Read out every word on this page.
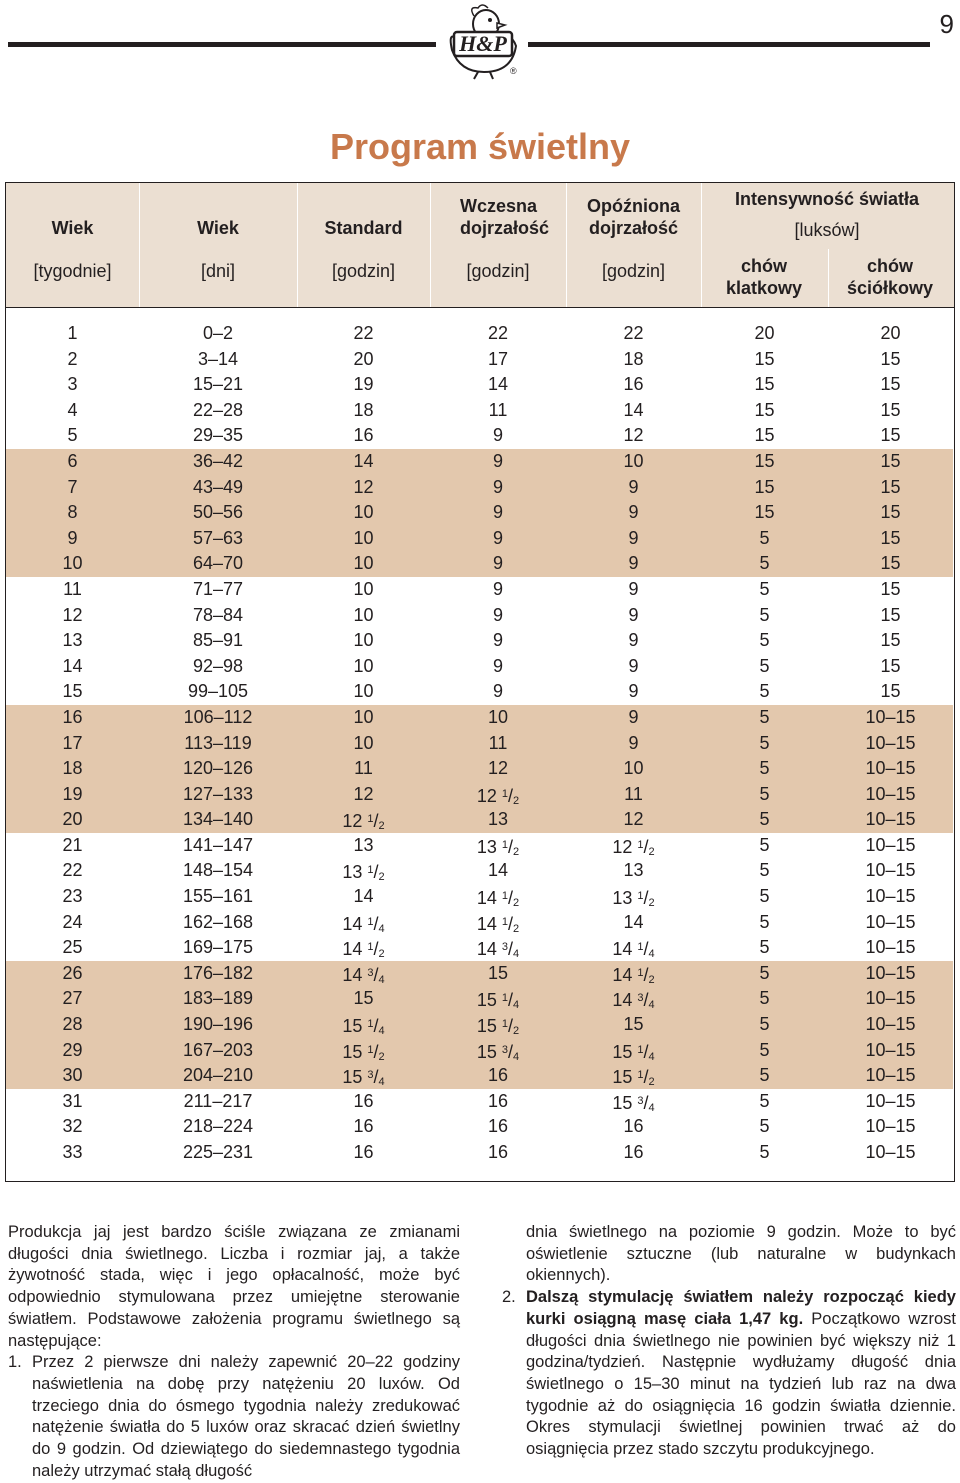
9
H&P
®
Program świetlny
Wiek
[tygodnie]
Wiek
[dni]
Standard
[godzin]
Wczesna dojrzałość
[godzin]
Opóźniona dojrzałość
[godzin]
Intensywność światła
[luksów]
chów klatkowy
chów ściółkowy
1	0–2	22	22	22	20	20
2	3–14	20	17	18	15	15
3	15–21	19	14	16	15	15
4	22–28	18	11	14	15	15
5	29–35	16	9	12	15	15
6	36–42	14	9	10	15	15
7	43–49	12	9	9	15	15
8	50–56	10	9	9	15	15
9	57–63	10	9	9	5	15
10	64–70	10	9	9	5	15
11	71–77	10	9	9	5	15
12	78–84	10	9	9	5	15
13	85–91	10	9	9	5	15
14	92–98	10	9	9	5	15
15	99–105	10	9	9	5	15
16	106–112	10	10	9	5	10–15
17	113–119	10	11	9	5	10–15
18	120–126	11	12	10	5	10–15
19	127–133	12	12 $^1$/2	11	5	10–15
20	134–140	12 $^1$/2	13	12	5	10–15
21	141–147	13	13 $^1$/2	12 $^1$/2	5	10–15
22	148–154	13 $^1$/2	14	13	5	10–15
23	155–161	14	14 $^1$/2	13 $^1$/2	5	10–15
24	162–168	14 $^1$/4	14 $^1$/2	14	5	10–15
25	169–175	14 $^1$/2	14 $^3$/4	14 $^1$/4	5	10–15
26	176–182	14 $^3$/4	15	14 $^1$/2	5	10–15
27	183–189	15	15 $^1$/4	14 $^3$/4	5	10–15
28	190–196	15 $^1$/4	15 $^1$/2	15	5	10–15
29	167–203	15 $^1$/2	15 $^3$/4	15 $^1$/4	5	10–15
30	204–210	15 $^3$/4	16	15 $^1$/2	5	10–15
31	211–217	16	16	15 $^3$/4	5	10–15
32	218–224	16	16	16	5	10–15
33	225–231	16	16	16	5	10–15

Produkcja jaj jest bardzo ściśle związana ze zmianami długości dnia świetlnego. Liczba i rozmiar jaj, a także żywotność stada, więc i jego opłacalność, może być odpowiednio stymulowana przez umiejętne sterowanie światłem. Podstawowe założenia programu świetlnego są następujące:

1. Przez 2 pierwsze dni należy zapewnić 20–22 godziny naświetlenia na dobę przy natężeniu 20 luxów. Od trzeciego dnia do ósmego tygodnia należy zredukować natężenie światła do 5 luxów oraz skracać dzień świetlny do 9 godzin. Od dziewiątego do siedemnastego tygodnia należy utrzymać stałą długość
dnia świetlnego na poziomie 9 godzin. Może to być oświetlenie sztuczne (lub naturalne w budynkach okiennych).
2. Dalszą stymulację światłem należy rozpocząć kiedy kurki osiągną masę ciała 1,47 kg. Początkowo wzrost długości dnia świetlnego nie powinien być większy niż 1 godzina/tydzień. Następnie wydłużamy długość dnia świetlnego o 15–30 minut na tydzień lub raz na dwa tygodnie aż do osiągnięcia 16 godzin światła dziennie. Okres stymulacji świetlnej powinien trwać aż do osiągnięcia przez stado szczytu produkcyjnego.
